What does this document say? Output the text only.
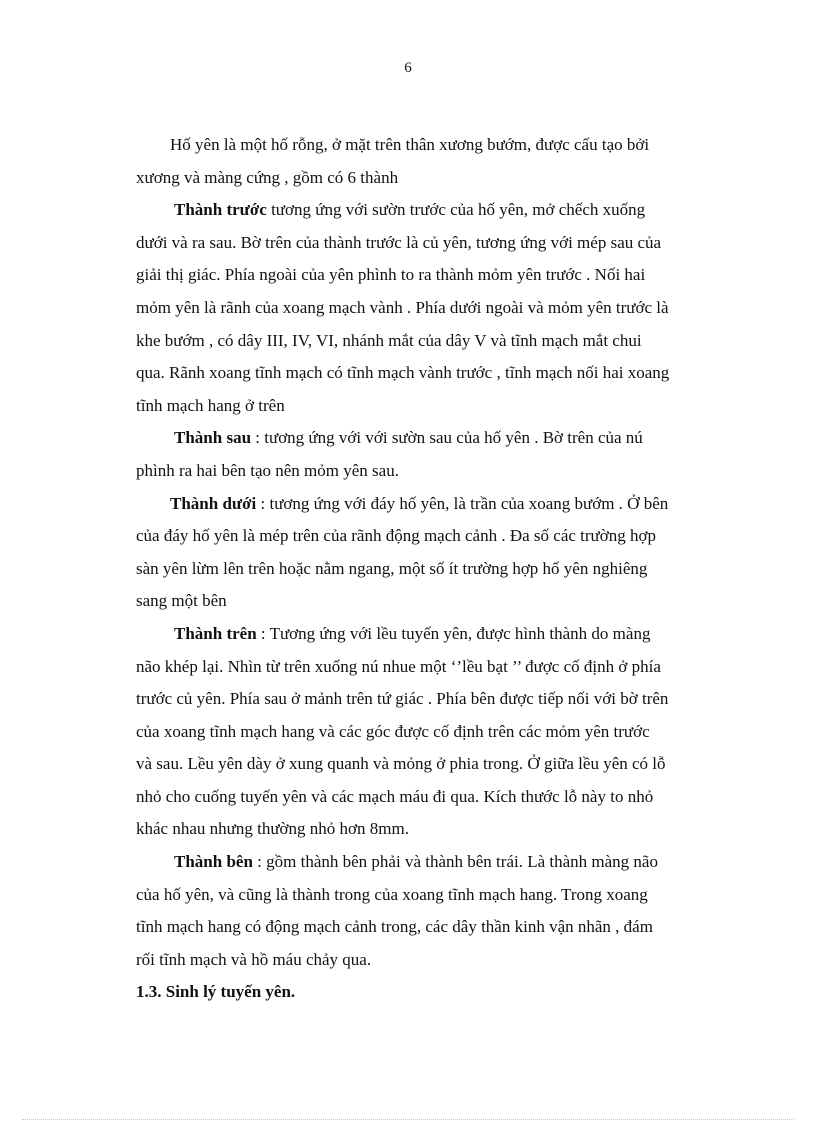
6

Hố yên là một hố rỗng, ở mặt trên thân xương bướm, được cấu tạo bởi

xương và màng cứng , gồm có 6 thành

Thành trước tương ứng với sườn trước của hố yên, mở chếch xuống

dưới và ra sau. Bờ trên của thành trước là củ yên, tương ứng với mép sau của

giải thị giác. Phía ngoài của yên phình to ra thành mỏm yên trước . Nối hai

mỏm yên là rãnh của xoang mạch vành . Phía dưới ngoài và mỏm yên trước là

khe bướm , có dây III, IV, VI, nhánh mắt của dây V và tĩnh mạch mắt chui

qua. Rãnh xoang tĩnh mạch có tĩnh mạch vành trước , tĩnh mạch nối hai xoang

tĩnh mạch hang ở trên

Thành sau : tương ứng với với sườn sau của hố yên . Bờ trên của nú

phình ra hai bên tạo nên mỏm yên sau.

Thành dưới : tương ứng với đáy hố yên, là trần của xoang bướm . Ở bên

của đáy hố yên là mép trên của rãnh động mạch cảnh . Đa số các trường hợp

sàn yên lừm lên trên hoặc nằm ngang, một số ít trường hợp hố yên nghiêng

sang một bên

Thành trên : Tương ứng với lều tuyến yên, được hình thành do màng

não khép lại. Nhìn từ trên xuống nú nhue một ‘’lều bạt ’’ được cố định ở phía

trước củ yên. Phía sau ở mảnh trên tứ giác . Phía bên được tiếp nối với bờ trên

của xoang tĩnh mạch hang và các góc được cố định trên các mỏm yên trước

và sau. Lều yên dày ở xung quanh và mỏng ở phia trong. Ở giữa lều yên có lỗ

nhỏ cho cuống tuyến yên và các mạch máu đi qua. Kích thước lỗ này to nhỏ

khác nhau nhưng thường nhỏ hơn 8mm.

Thành bên : gồm thành bên phải và thành bên trái. Là thành màng não

của hố yên, và cũng là thành trong của xoang tĩnh mạch hang. Trong xoang

tĩnh mạch hang có động mạch cảnh trong, các dây thần kinh vận nhãn , đám

rối tĩnh mạch và hồ máu chảy qua.

1.3. Sinh lý tuyến yên.
